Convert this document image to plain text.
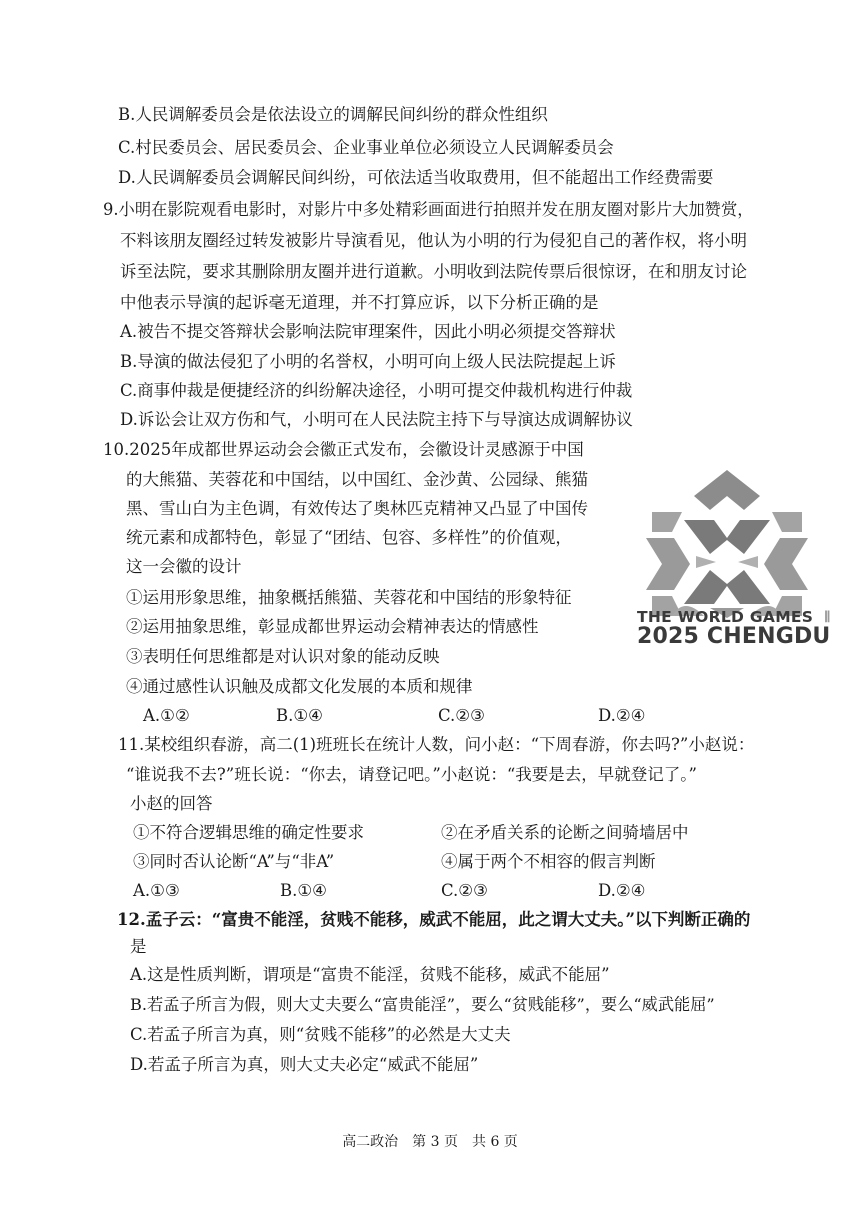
B.人民调解委员会是依法设立的调解民间纠纷的群众性组织
C.村民委员会、居民委员会、企业事业单位必须设立人民调解委员会
D.人民调解委员会调解民间纠纷，可依法适当收取费用，但不能超出工作经费需要
9.小明在影院观看电影时，对影片中多处精彩画面进行拍照并发在朋友圈对影片大加赞赏，
不料该朋友圈经过转发被影片导演看见，他认为小明的行为侵犯自己的著作权，将小明
诉至法院，要求其删除朋友圈并进行道歉。小明收到法院传票后很惊讶，在和朋友讨论
中他表示导演的起诉毫无道理，并不打算应诉，以下分析正确的是
A.被告不提交答辩状会影响法院审理案件，因此小明必须提交答辩状
B.导演的做法侵犯了小明的名誉权，小明可向上级人民法院提起上诉
C.商事仲裁是便捷经济的纠纷解决途径，小明可提交仲裁机构进行仲裁
D.诉讼会让双方伤和气，小明可在人民法院主持下与导演达成调解协议
10.2025年成都世界运动会会徽正式发布，会徽设计灵感源于中国
的大熊猫、芙蓉花和中国结，以中国红、金沙黄、公园绿、熊猫
黑、雪山白为主色调，有效传达了奥林匹克精神又凸显了中国传
统元素和成都特色，彰显了“团结、包容、多样性”的价值观，
这一会徽的设计
①运用形象思维，抽象概括熊猫、芙蓉花和中国结的形象特征
②运用抽象思维，彰显成都世界运动会精神表达的情感性
③表明任何思维都是对认识对象的能动反映
④通过感性认识触及成都文化发展的本质和规律
A.①②	B.①④	C.②③	D.②④
THE WORLD GAMES  𝍪
2025 CHENGDU
11.某校组织春游，高二(1)班班长在统计人数，问小赵：“下周春游，你去吗?”小赵说：
“谁说我不去?”班长说：“你去，请登记吧。”小赵说：“我要是去，早就登记了。”
小赵的回答
①不符合逻辑思维的确定性要求	②在矛盾关系的论断之间骑墙居中
③同时否认论断“A”与“非A”	④属于两个不相容的假言判断
A.①③	B.①④	C.②③	D.②④
12.孟子云：“富贵不能淫，贫贱不能移，威武不能屈，此之谓大丈夫。”以下判断正确的
是
A.这是性质判断，谓项是“富贵不能淫，贫贱不能移，威武不能屈”
B.若孟子所言为假，则大丈夫要么“富贵能淫”，要么“贫贱能移”，要么“威武能屈”
C.若孟子所言为真，则“贫贱不能移”的必然是大丈夫
D.若孟子所言为真，则大丈夫必定“威武不能屈”
高二政治　第 3 页　共 6 页
